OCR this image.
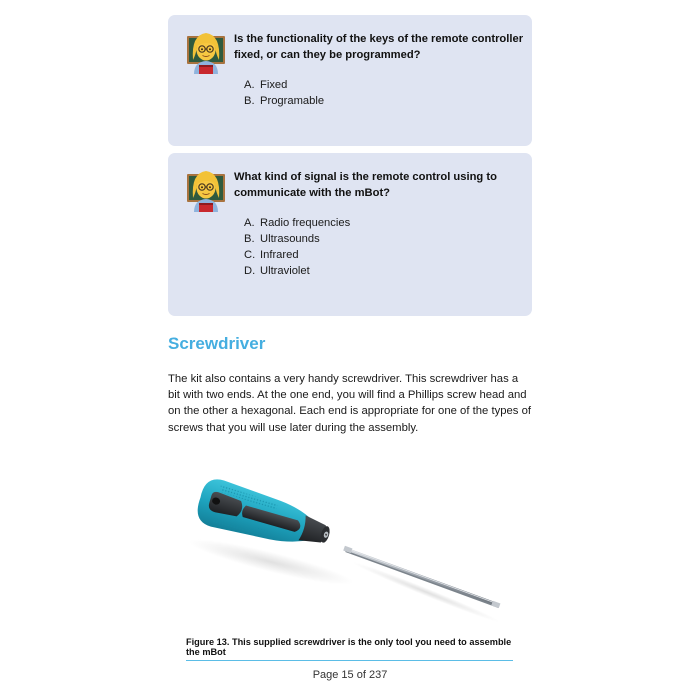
Is the functionality of the keys of the remote controller fixed, or can they be programmed?
A. Fixed
B. Programable
What kind of signal is the remote control using to communicate with the mBot?
A. Radio frequencies
B. Ultrasounds
C. Infrared
D. Ultraviolet
Screwdriver

The kit also contains a very handy screwdriver. This screwdriver has a bit with two ends. At the one end, you will find a Phillips screw head and on the other a hexagonal. Each end is appropriate for one of the types of screws that you will use later during the assembly.

Figure 13. This supplied screwdriver is the only tool you need to assemble the mBot
Page 15 of 237
